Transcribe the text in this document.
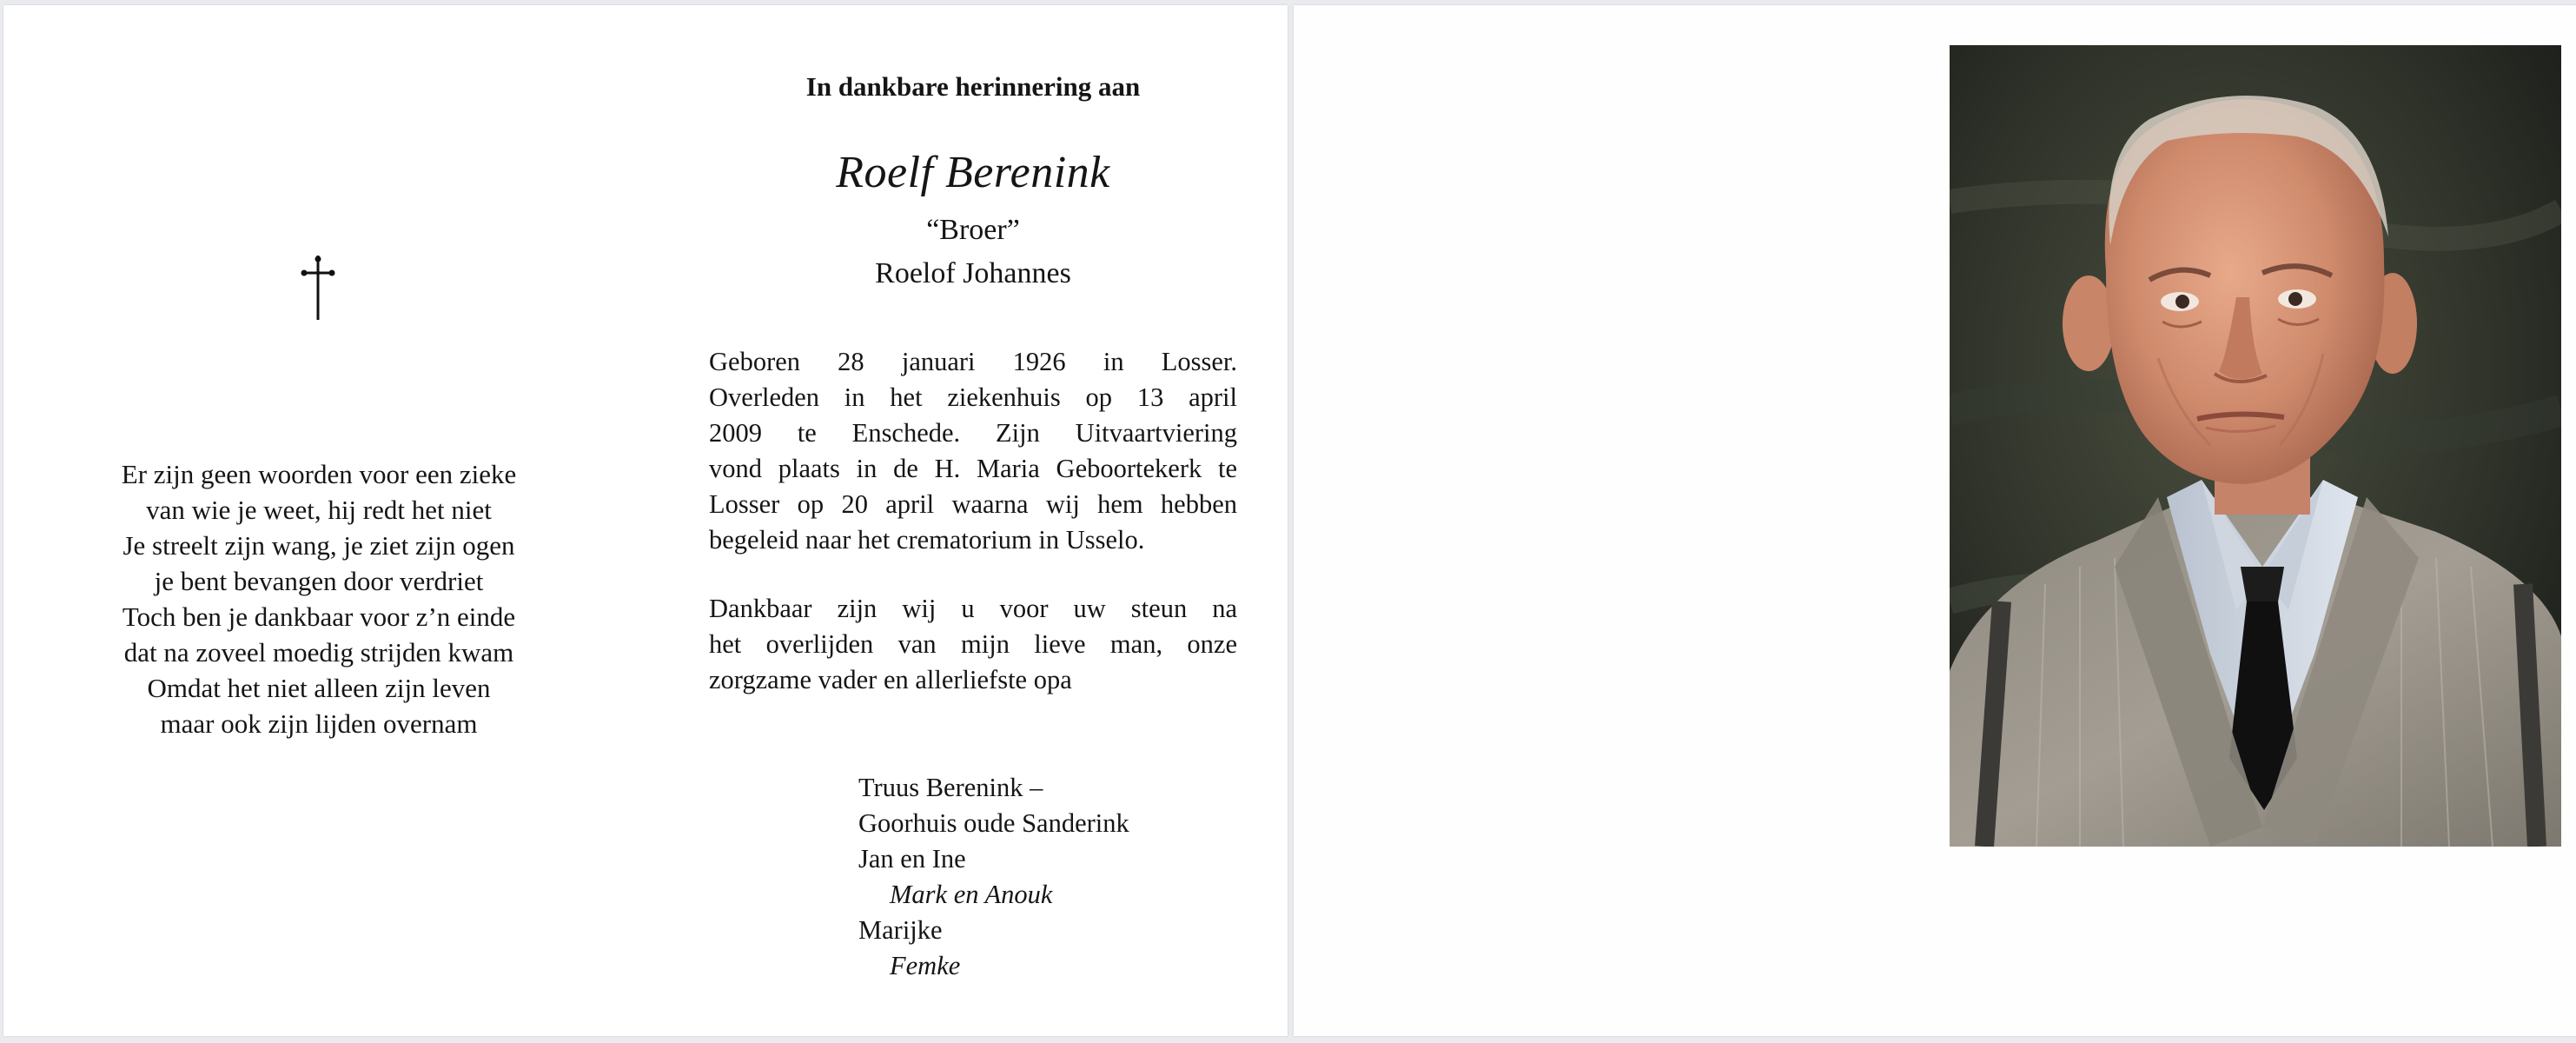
Er zijn geen woorden voor een zieke
van wie je weet, hij redt het niet
Je streelt zijn wang, je ziet zijn ogen
je bent bevangen door verdriet
Toch ben je dankbaar voor z’n einde
dat na zoveel moedig strijden kwam
Omdat het niet alleen zijn leven
maar ook zijn lijden overnam
In dankbare herinnering aan
Roelf Berenink
“Broer”
Roelof Johannes
Geboren 28 januari 1926 in Losser.
Overleden in het ziekenhuis op 13 april
2009 te Enschede. Zijn Uitvaartviering
vond plaats in de H. Maria Geboortekerk te
Losser op 20 april waarna wij hem hebben
begeleid naar het crematorium in Usselo.
Dankbaar zijn wij u voor uw steun na
het overlijden van mijn lieve man, onze
zorgzame vader en allerliefste opa
Truus Berenink –
Goorhuis oude Sanderink
Jan en Ine
Mark en Anouk
Marijke
Femke
